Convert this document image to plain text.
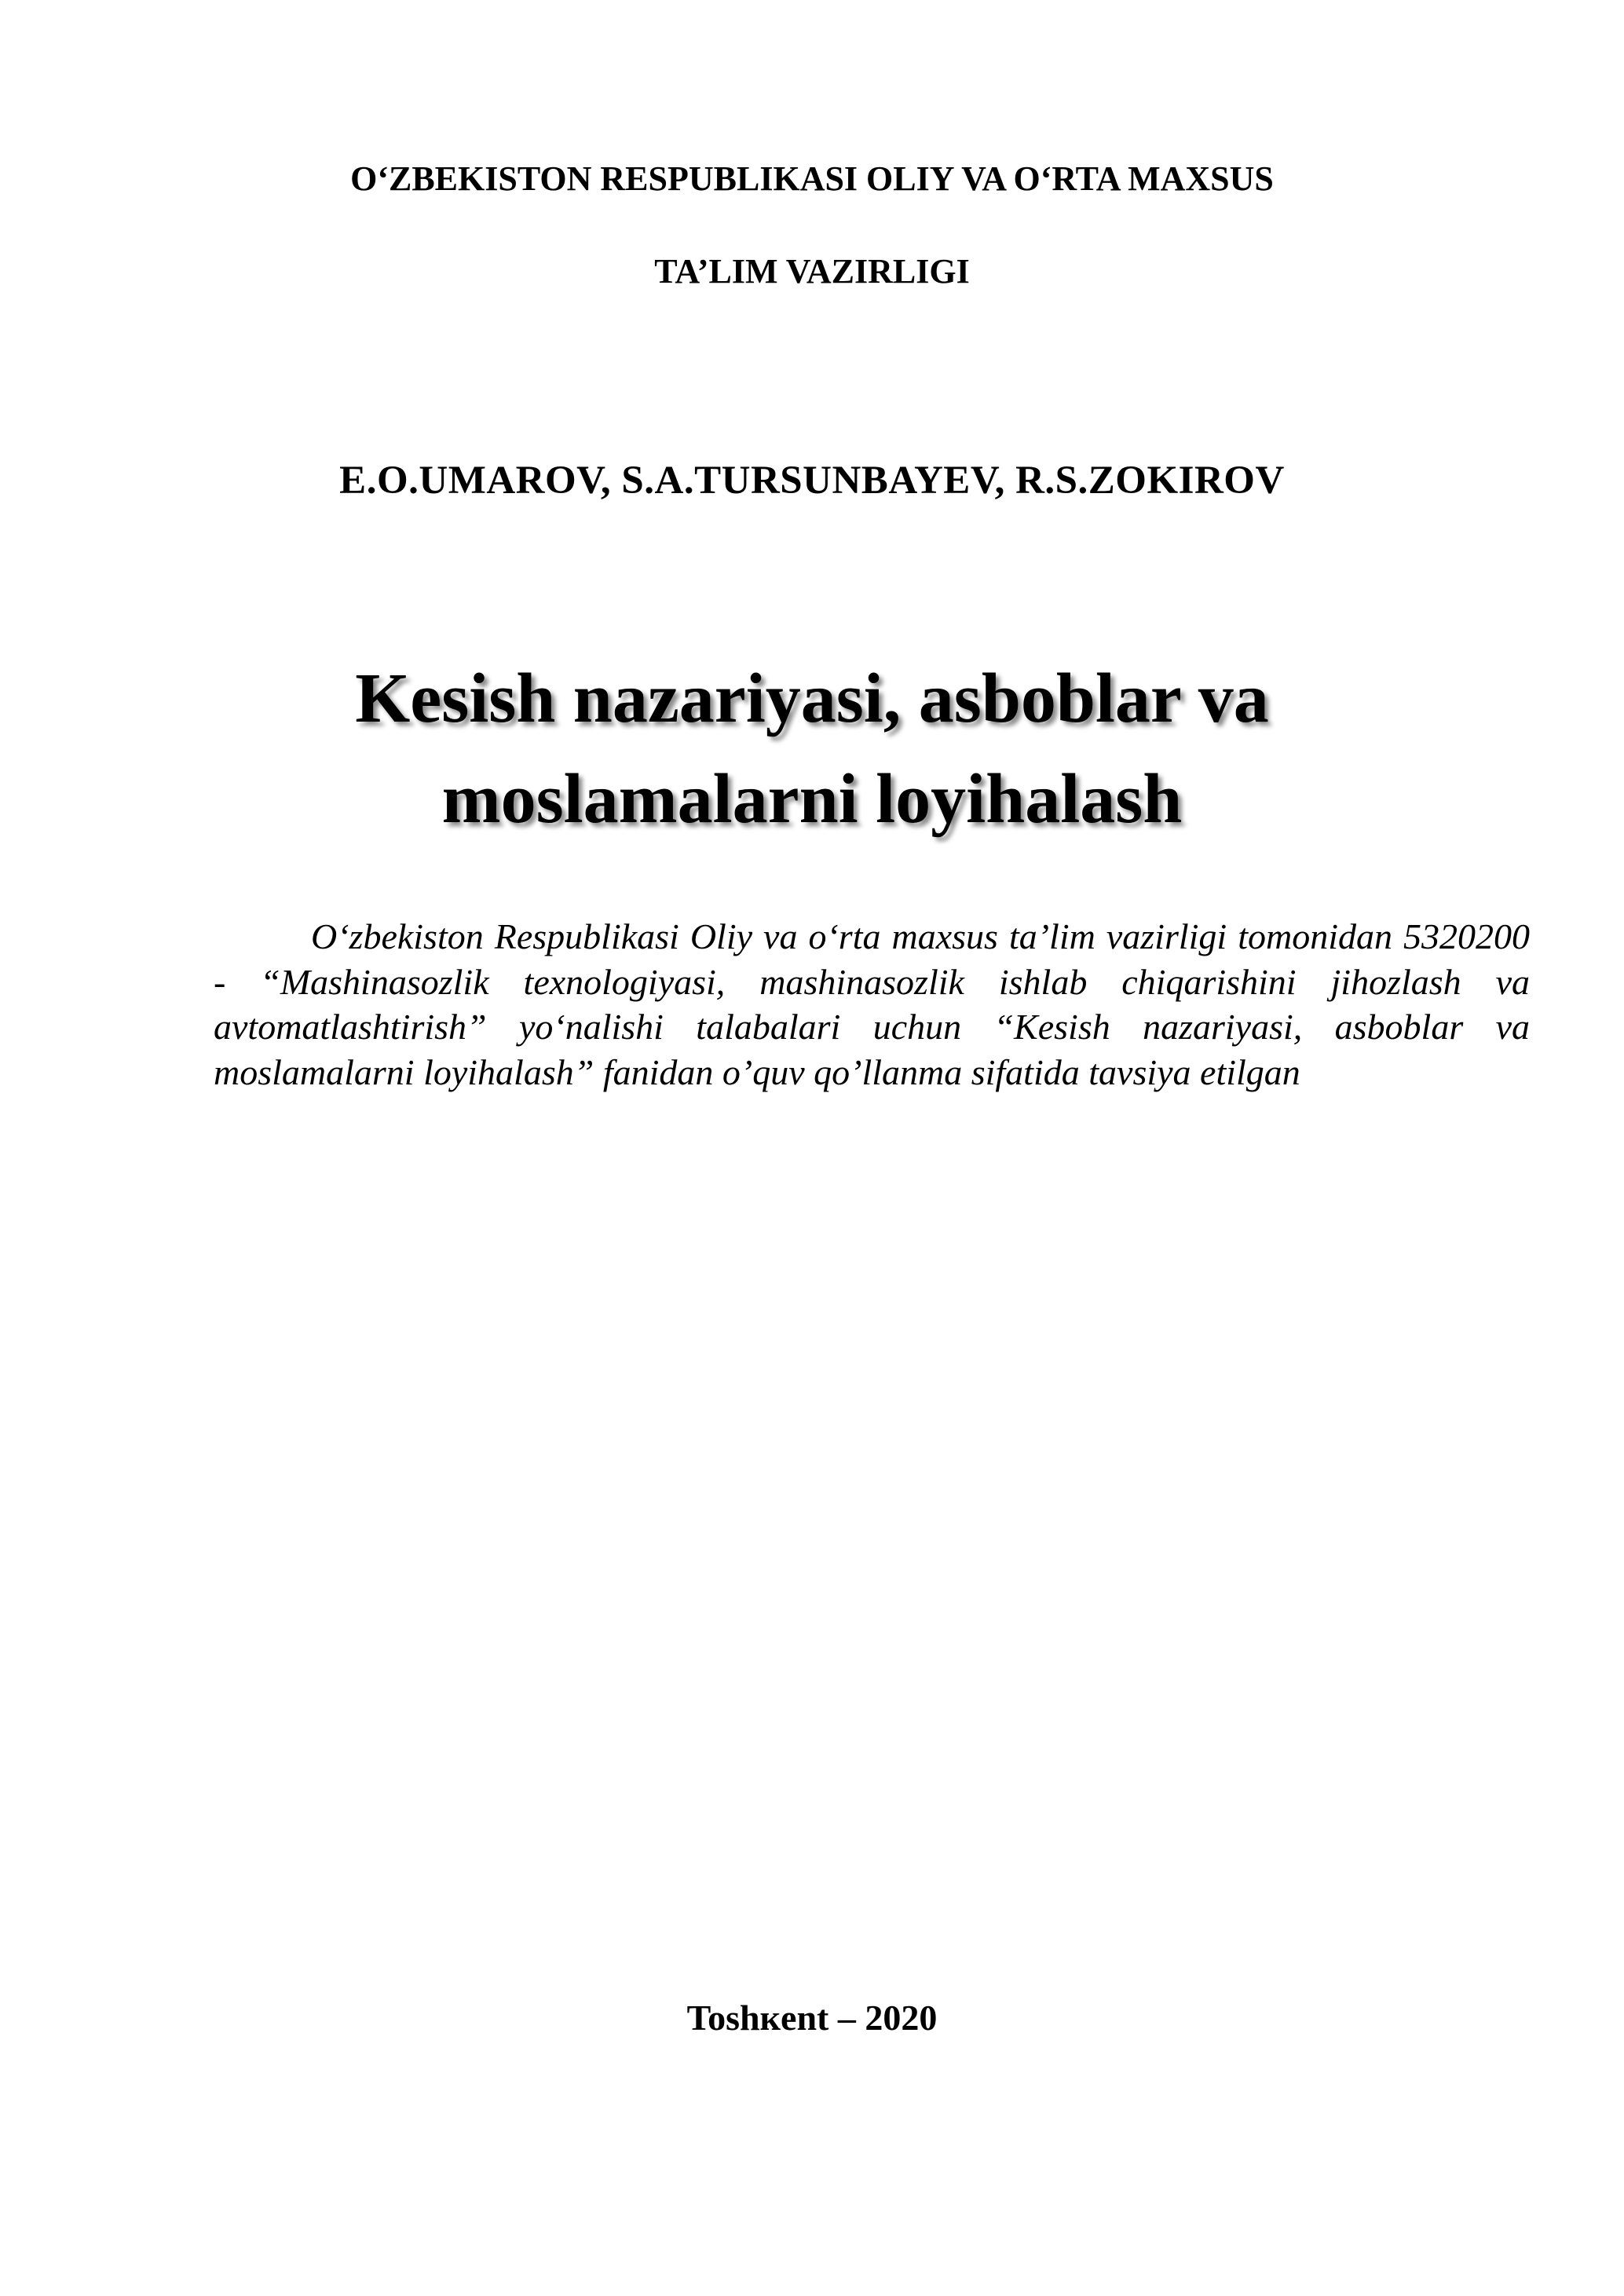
O‘ZBEKISTON RESPUBLIKASI OLIY VA O‘RTA MAXSUS
TA’LIM VAZIRLIGI
E.O.UMAROV, S.A.TURSUNBAYEV, R.S.ZOKIROV
Kesish nazariyasi, asboblar va
moslamalarni loyihalash
O‘zbekiston Respublikasi Oliy va o‘rta maxsus ta’lim vazirligi tomonidan 5320200 - “Mashinasozlik texnologiyasi, mashinasozlik ishlab chiqarishini jihozlash va avtomatlashtirish” yo‘nalishi talabalari uchun “Kesish nazariyasi, asboblar va moslamalarni loyihalash” fanidan o’quv qo’llanma sifatida tavsiya etilgan
Toshкent – 2020
